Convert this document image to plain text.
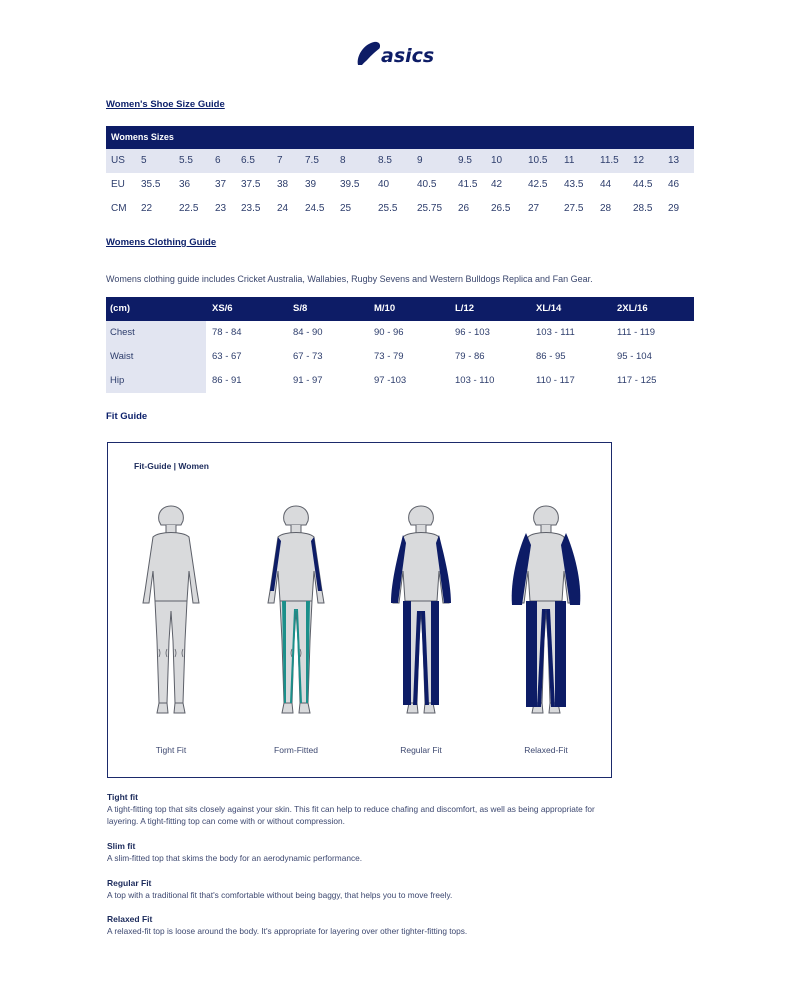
asics
Women's Shoe Size Guide
Womens Sizes
US 5	5.5 6 6.5 7 7.5 8	8.5	9	9.5 10	10.5 11	11.5 12 13
EU 35.5 36 37 37.5 38 39 39.5 40	40.5 41.5 42	42.5 43.5 44 44.5 46
CM 22	22.5 23 23.5 24 24.5 25	25.5 25.75 26 26.5 27 27.5 28 28.5 29
Womens Clothing Guide
Womens clothing guide includes Cricket Australia, Wallabies, Rugby Sevens and Western Bulldogs Replica and Fan Gear.
(cm)	XS/6	S/8	M/10	L/12	XL/14	2XL/16
Chest	78 - 84	84 - 90	90 - 96	96 - 103	103 - 111	111 - 119
Waist	63 - 67	67 - 73	73 - 79	79 - 86	86 - 95	95 - 104
Hip	86 - 91	91 - 97	97 -103	103 - 110	110 - 117	117 - 125
Fit Guide
Fit-Guide | Women
Tight Fit	Form-Fitted	Regular Fit	Relaxed-Fit
Tight fit
A tight-fitting top that sits closely against your skin. This fit can help to reduce chafing and discomfort, as well as being appropriate for layering. A tight-fitting top can come with or without compression.
Slim fit
A slim-fitted top that skims the body for an aerodynamic performance.
Regular Fit
A top with a traditional fit that's comfortable without being baggy, that helps you to move freely.
Relaxed Fit
A relaxed-fit top is loose around the body. It's appropriate for layering over other tighter-fitting tops.
